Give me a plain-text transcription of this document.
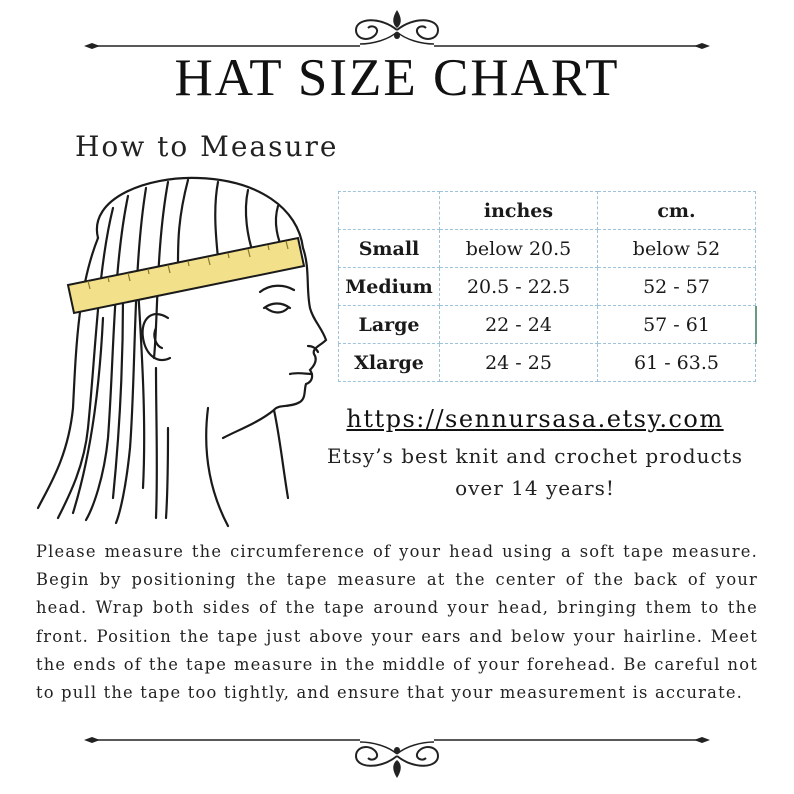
HAT SIZE CHART
How to Measure
	inches	cm.
Small	below 20.5	below 52
Medium	20.5 - 22.5	52 - 57
Large	22 - 24	57 - 61
Xlarge	24 - 25	61 - 63.5
https://sennursasa.etsy.com
Etsy’s best knit and crochet products over 14 years!

Please measure the circumference of your head using a soft tape measure. Begin by positioning the tape measure at the center of the back of your head. Wrap both sides of the tape around your head, bringing them to the front. Position the tape just above your ears and below your hairline. Meet the ends of the tape measure in the middle of your forehead. Be careful not to pull the tape too tightly, and ensure that your measurement is accurate.
